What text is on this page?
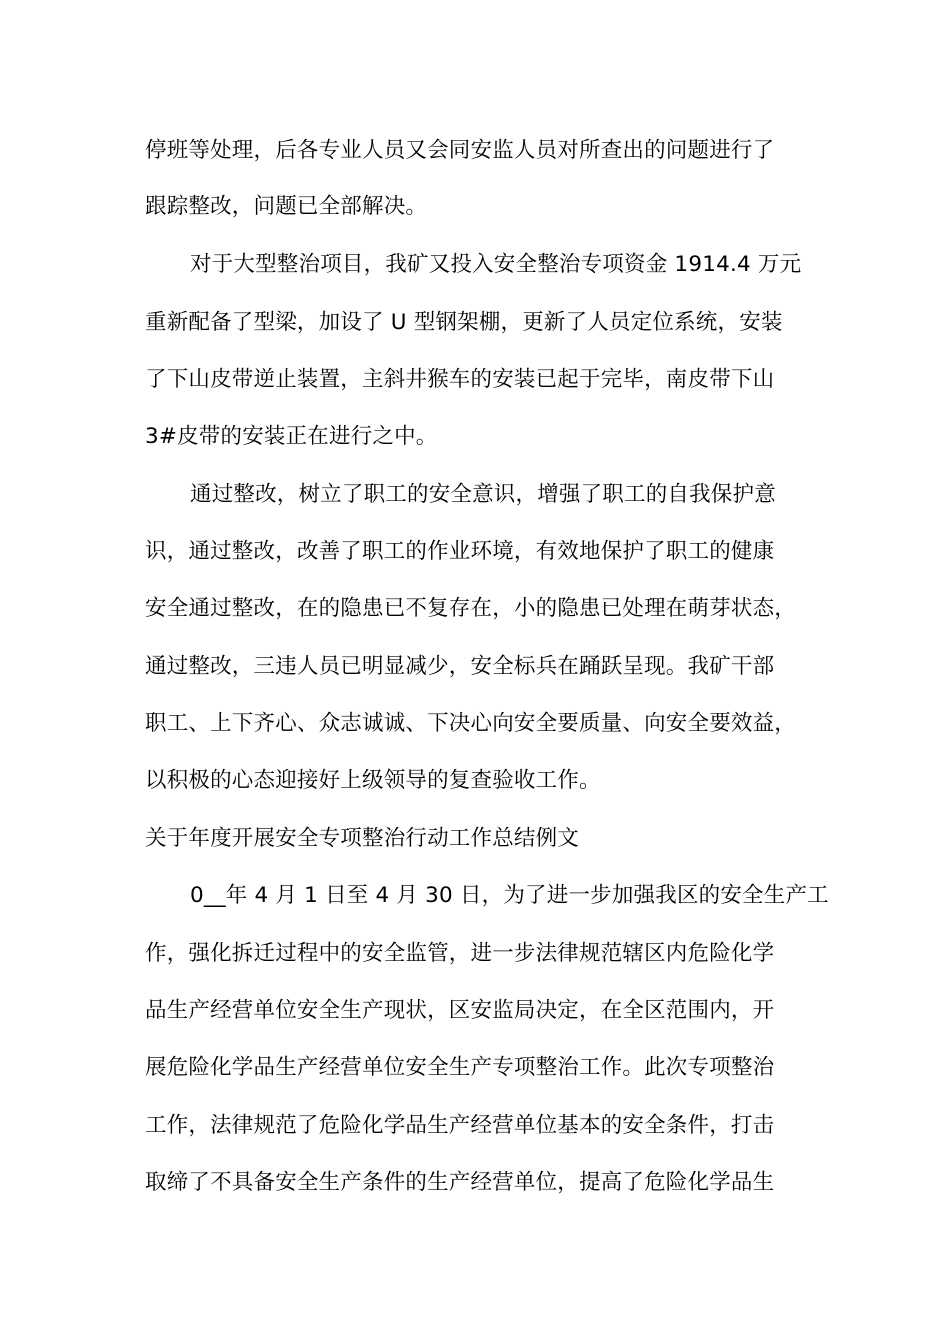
停班等处理，后各专业人员又会同安监人员对所查出的问题进行了
跟踪整改，问题已全部解决。
对于大型整治项目，我矿又投入安全整治专项资金 1914.4 万元
重新配备了型梁，加设了 U 型钢架棚，更新了人员定位系统，安装
了下山皮带逆止装置，主斜井猴车的安装已起于完毕，南皮带下山
3#皮带的安装正在进行之中。
通过整改，树立了职工的安全意识，增强了职工的自我保护意
识，通过整改，改善了职工的作业环境，有效地保护了职工的健康
安全通过整改，在的隐患已不复存在，小的隐患已处理在萌芽状态，
通过整改，三违人员已明显减少，安全标兵在踊跃呈现。我矿干部
职工、上下齐心、众志诚诚、下决心向安全要质量、向安全要效益，
以积极的心态迎接好上级领导的复查验收工作。
关于年度开展安全专项整治行动工作总结例文
0__年 4 月 1 日至 4 月 30 日，为了进一步加强我区的安全生产工
作，强化拆迁过程中的安全监管，进一步法律规范辖区内危险化学
品生产经营单位安全生产现状，区安监局决定，在全区范围内，开
展危险化学品生产经营单位安全生产专项整治工作。此次专项整治
工作，法律规范了危险化学品生产经营单位基本的安全条件，打击
取缔了不具备安全生产条件的生产经营单位，提高了危险化学品生
